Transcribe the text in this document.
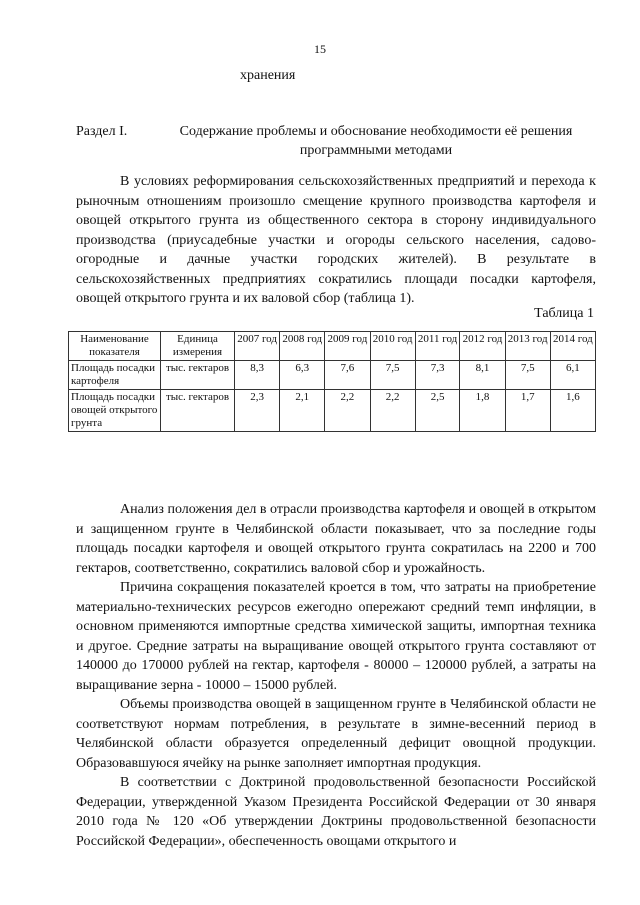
15
хранения
Раздел I.	Содержание проблемы и обоснование необходимости её решения программными методами

В условиях реформирования сельскохозяйственных предприятий и перехода к рыночным отношениям произошло смещение крупного производства картофеля и овощей открытого грунта из общественного сектора в сторону индивидуального производства (приусадебные участки и огороды сельского населения, садово-огородные и дачные участки городских жителей). В результате в сельскохозяйственных предприятиях сократились площади посадки картофеля, овощей открытого грунта и их валовой сбор (таблица 1).

Таблица 1
Наименование показателя	Единица измерения	2007 год	2008 год	2009 год	2010 год	2011 год	2012 год	2013 год	2014 год
Площадь посадки картофеля	тыс. гектаров	8,3	6,3	7,6	7,5	7,3	8,1	7,5	6,1
Площадь посадки овощей открытого грунта	тыс. гектаров	2,3	2,1	2,2	2,2	2,5	1,8	1,7	1,6

Анализ положения дел в отрасли производства картофеля и овощей в открытом и защищенном грунте в Челябинской области показывает, что за последние годы площадь посадки картофеля и овощей открытого грунта сократилась на 2200 и 700 гектаров, соответственно, сократились валовой сбор и урожайность.

Причина сокращения показателей кроется в том, что затраты на приобретение материально-технических ресурсов ежегодно опережают средний темп инфляции, в основном применяются импортные средства химической защиты, импортная техника и другое. Средние затраты на выращивание овощей открытого грунта составляют от 140000 до 170000 рублей на гектар, картофеля - 80000 – 120000 рублей, а затраты на выращивание зерна - 10000 – 15000 рублей.

Объемы производства овощей в защищенном грунте в Челябинской области не соответствуют нормам потребления, в результате в зимне-весенний период в Челябинской области образуется определенный дефицит овощной продукции. Образовавшуюся ячейку на рынке заполняет импортная продукция.

В соответствии с Доктриной продовольственной безопасности Российской Федерации, утвержденной Указом Президента Российской Федерации от 30 января 2010 года № 120 «Об утверждении Доктрины продовольственной безопасности Российской Федерации», обеспеченность овощами открытого и
